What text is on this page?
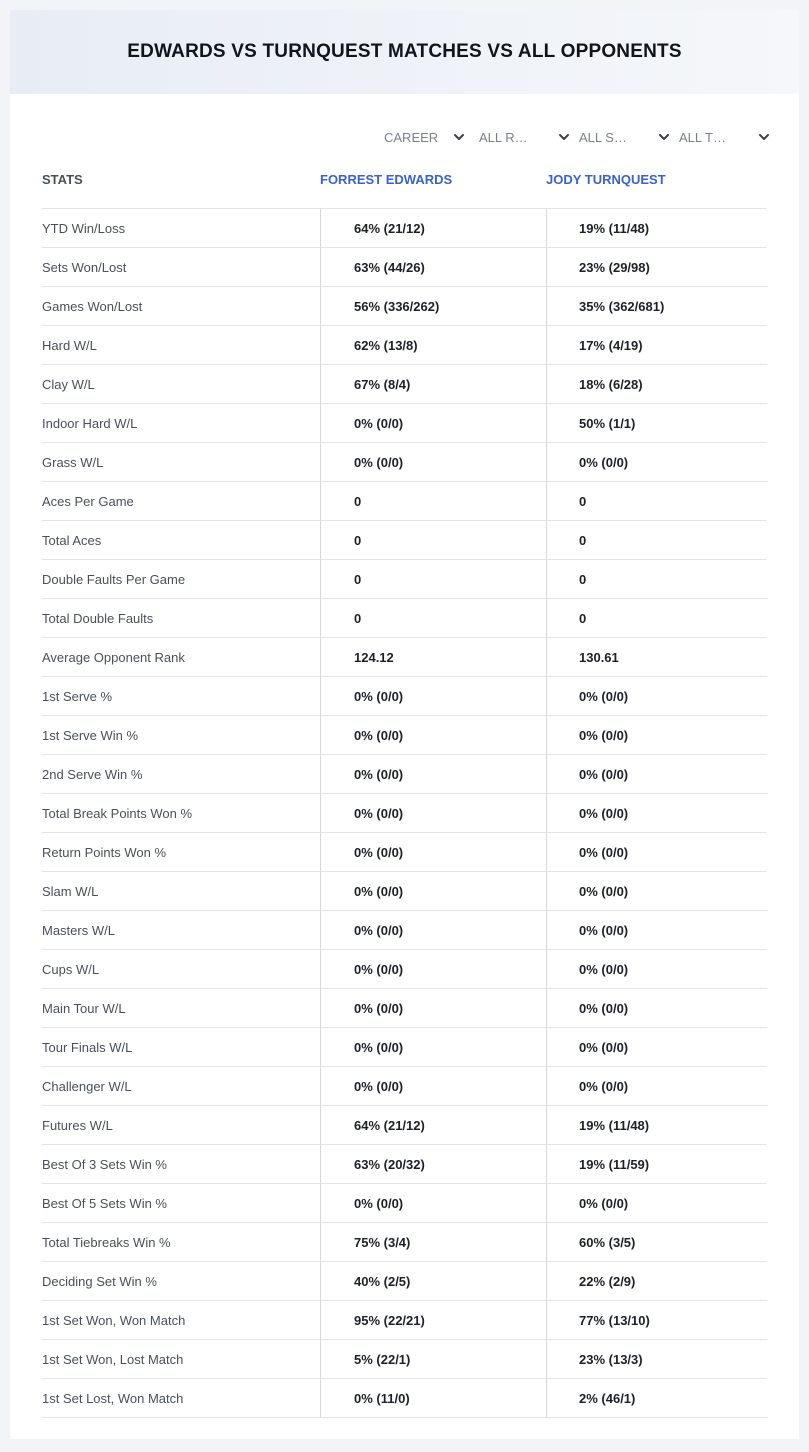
EDWARDS VS TURNQUEST MATCHES VS ALL OPPONENTS
CAREER	ALL R…	ALL S…	ALL T…
STATS	FORREST EDWARDS	JODY TURNQUEST
YTD Win/Loss	64% (21/12)	19% (11/48)
Sets Won/Lost	63% (44/26)	23% (29/98)
Games Won/Lost	56% (336/262)	35% (362/681)
Hard W/L	62% (13/8)	17% (4/19)
Clay W/L	67% (8/4)	18% (6/28)
Indoor Hard W/L	0% (0/0)	50% (1/1)
Grass W/L	0% (0/0)	0% (0/0)
Aces Per Game	0	0
Total Aces	0	0
Double Faults Per Game	0	0
Total Double Faults	0	0
Average Opponent Rank	124.12	130.61
1st Serve %	0% (0/0)	0% (0/0)
1st Serve Win %	0% (0/0)	0% (0/0)
2nd Serve Win %	0% (0/0)	0% (0/0)
Total Break Points Won %	0% (0/0)	0% (0/0)
Return Points Won %	0% (0/0)	0% (0/0)
Slam W/L	0% (0/0)	0% (0/0)
Masters W/L	0% (0/0)	0% (0/0)
Cups W/L	0% (0/0)	0% (0/0)
Main Tour W/L	0% (0/0)	0% (0/0)
Tour Finals W/L	0% (0/0)	0% (0/0)
Challenger W/L	0% (0/0)	0% (0/0)
Futures W/L	64% (21/12)	19% (11/48)
Best Of 3 Sets Win %	63% (20/32)	19% (11/59)
Best Of 5 Sets Win %	0% (0/0)	0% (0/0)
Total Tiebreaks Win %	75% (3/4)	60% (3/5)
Deciding Set Win %	40% (2/5)	22% (2/9)
1st Set Won, Won Match	95% (22/21)	77% (13/10)
1st Set Won, Lost Match	5% (22/1)	23% (13/3)
1st Set Lost, Won Match	0% (11/0)	2% (46/1)
